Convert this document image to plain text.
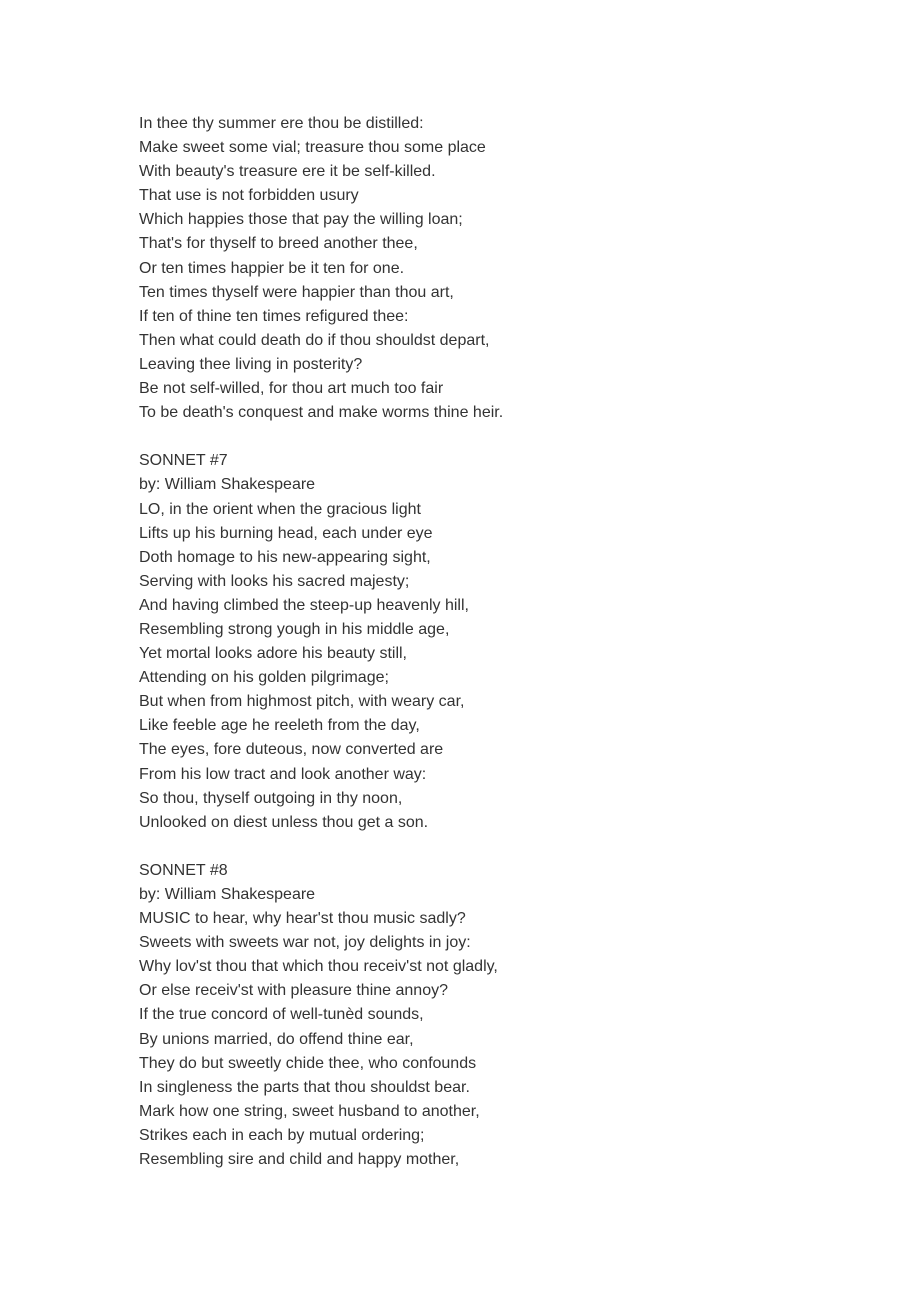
In thee thy summer ere thou be distilled:
Make sweet some vial; treasure thou some place
With beauty's treasure ere it be self-killed.
That use is not forbidden usury
Which happies those that pay the willing loan;
That's for thyself to breed another thee,
Or ten times happier be it ten for one.
Ten times thyself were happier than thou art,
If ten of thine ten times refigured thee:
Then what could death do if thou shouldst depart,
Leaving thee living in posterity?
Be not self-willed, for thou art much too fair
To be death's conquest and make worms thine heir.
SONNET #7
by: William Shakespeare
LO, in the orient when the gracious light
Lifts up his burning head, each under eye
Doth homage to his new-appearing sight,
Serving with looks his sacred majesty;
And having climbed the steep-up heavenly hill,
Resembling strong yough in his middle age,
Yet mortal looks adore his beauty still,
Attending on his golden pilgrimage;
But when from highmost pitch, with weary car,
Like feeble age he reeleth from the day,
The eyes, fore duteous, now converted are
From his low tract and look another way:
So thou, thyself outgoing in thy noon,
Unlooked on diest unless thou get a son.
SONNET #8
by: William Shakespeare
MUSIC to hear, why hear'st thou music sadly?
Sweets with sweets war not, joy delights in joy:
Why lov'st thou that which thou receiv'st not gladly,
Or else receiv'st with pleasure thine annoy?
If the true concord of well-tunèd sounds,
By unions married, do offend thine ear,
They do but sweetly chide thee, who confounds
In singleness the parts that thou shouldst bear.
Mark how one string, sweet husband to another,
Strikes each in each by mutual ordering;
Resembling sire and child and happy mother,
